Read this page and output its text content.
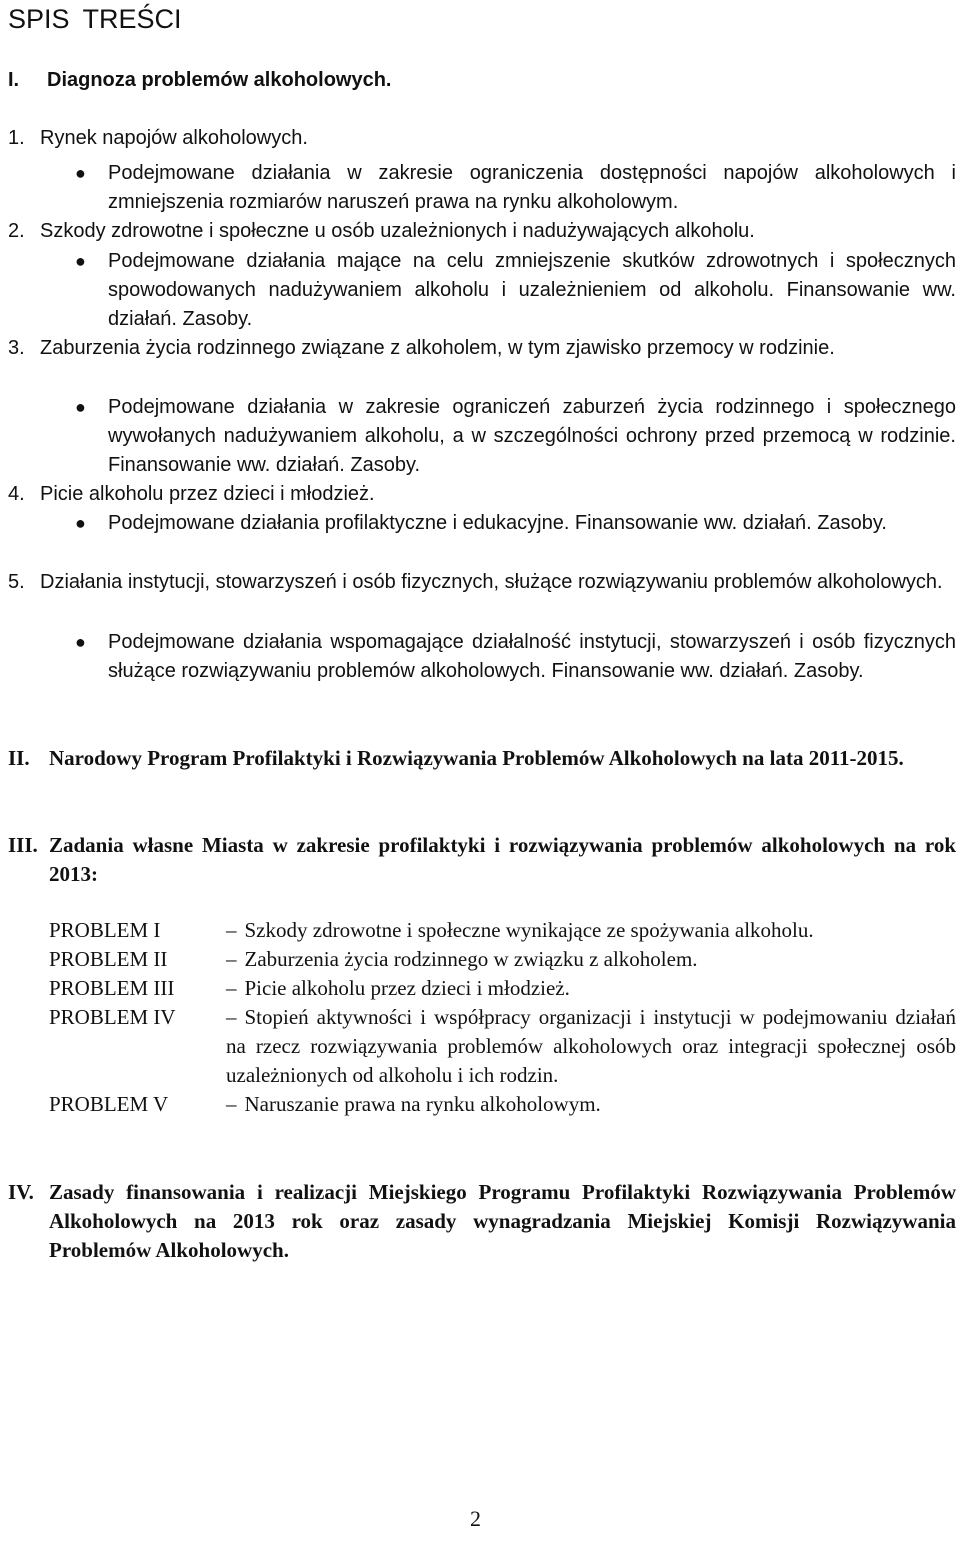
SPIS TREŚCI
I. Diagnoza problemów alkoholowych.
1. Rynek napojów alkoholowych.
● Podejmowane działania w zakresie ograniczenia dostępności napojów alkoholowych i zmniejszenia rozmiarów naruszeń prawa na rynku alkoholowym.
2. Szkody zdrowotne i społeczne u osób uzależnionych i nadużywających alkoholu.
● Podejmowane działania mające na celu zmniejszenie skutków zdrowotnych i społecznych spowodowanych nadużywaniem alkoholu i uzależnieniem od alkoholu. Finansowanie ww. działań. Zasoby.
3. Zaburzenia życia rodzinnego związane z alkoholem, w tym zjawisko przemocy w rodzinie.
● Podejmowane działania w zakresie ograniczeń zaburzeń życia rodzinnego i społecznego wywołanych nadużywaniem alkoholu, a w szczególności ochrony przed przemocą w rodzinie. Finansowanie ww. działań. Zasoby.
4. Picie alkoholu przez dzieci i młodzież.
● Podejmowane działania profilaktyczne i edukacyjne. Finansowanie ww. działań. Zasoby.
5. Działania instytucji, stowarzyszeń i osób fizycznych, służące rozwiązywaniu problemów alkoholowych.
● Podejmowane działania wspomagające działalność instytucji, stowarzyszeń i osób fizycznych służące rozwiązywaniu problemów alkoholowych. Finansowanie ww. działań. Zasoby.
II. Narodowy Program Profilaktyki i Rozwiązywania Problemów Alkoholowych na lata 2011-2015.
III. Zadania własne Miasta w zakresie profilaktyki i rozwiązywania problemów alkoholowych na rok 2013:
PROBLEM I	– Szkody zdrowotne i społeczne wynikające ze spożywania alkoholu.
PROBLEM II	– Zaburzenia życia rodzinnego w związku z alkoholem.
PROBLEM III – Picie alkoholu przez dzieci i młodzież.
PROBLEM IV – Stopień aktywności i współpracy organizacji i instytucji w podejmowaniu działań na rzecz rozwiązywania problemów alkoholowych oraz integracji społecznej osób uzależnionych od alkoholu i ich rodzin.
PROBLEM V	– Naruszanie prawa na rynku alkoholowym.
IV. Zasady finansowania i realizacji Miejskiego Programu Profilaktyki Rozwiązywania Problemów Alkoholowych na 2013 rok oraz zasady wynagradzania Miejskiej Komisji Rozwiązywania Problemów Alkoholowych.

2
